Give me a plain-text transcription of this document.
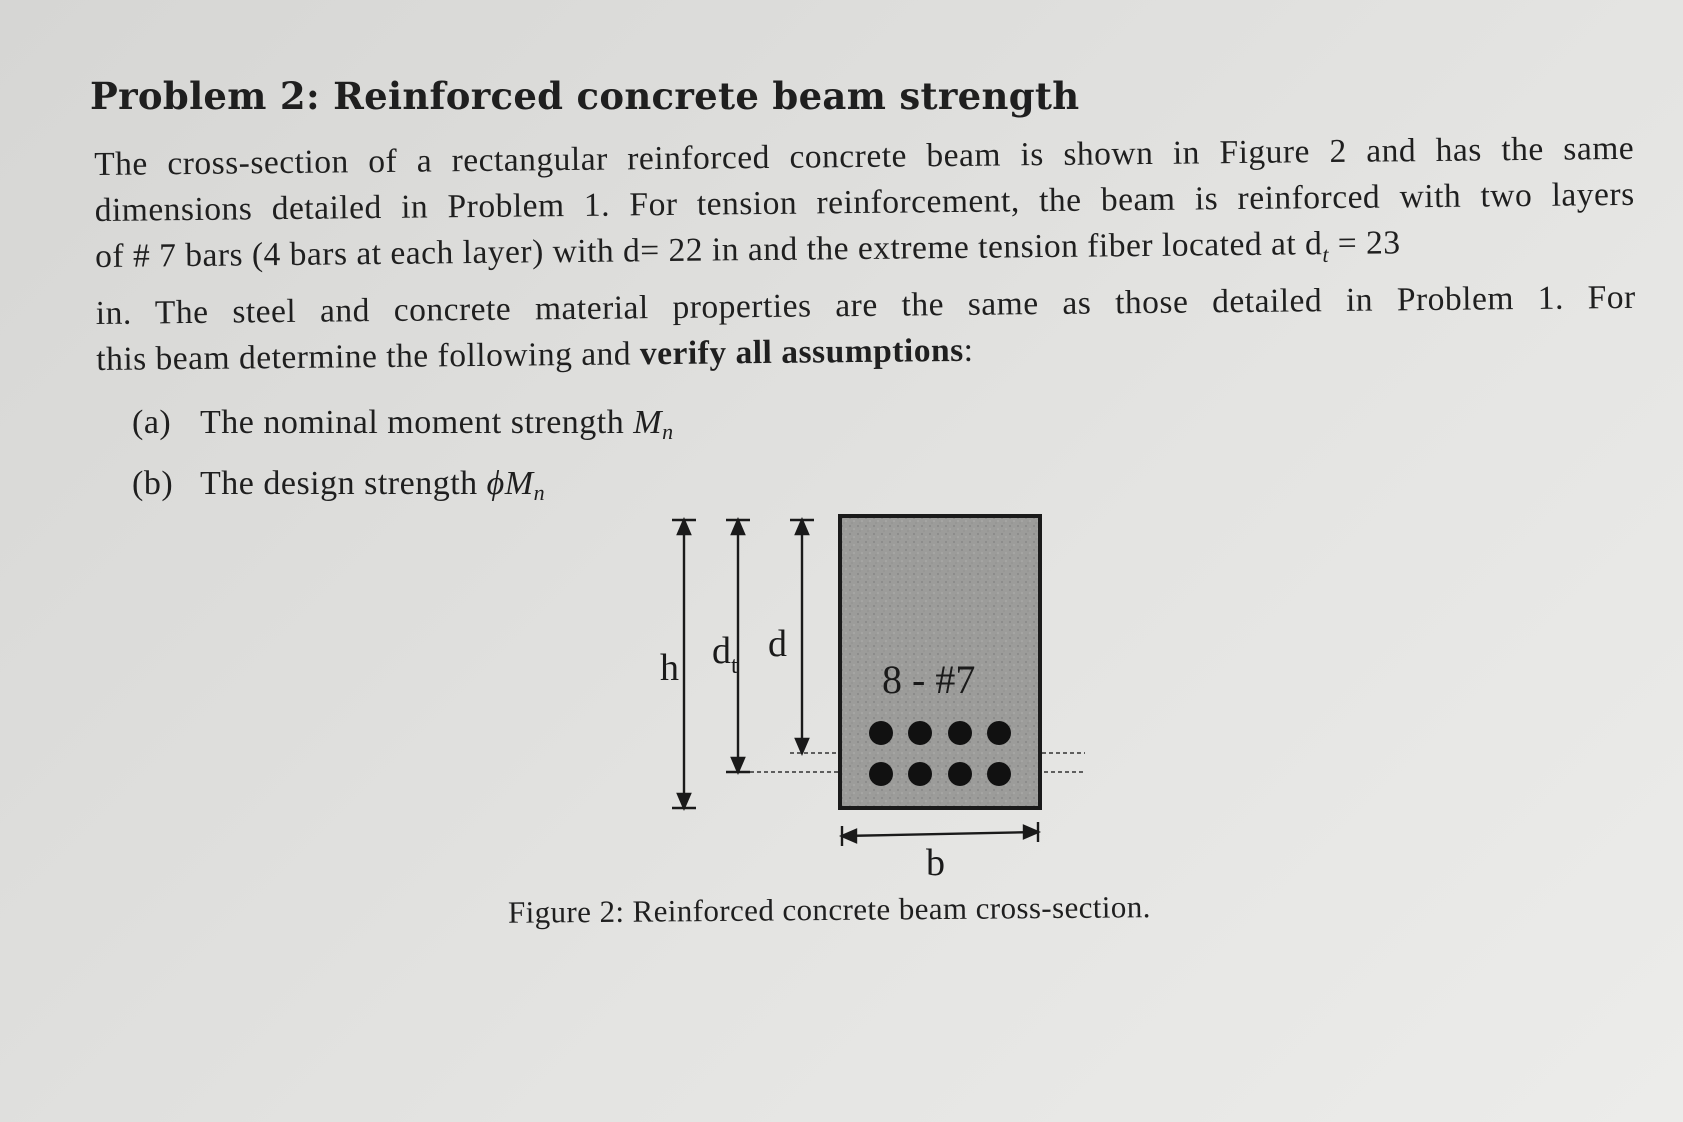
Problem 2: Reinforced concrete beam strength
The cross-section of a rectangular reinforced concrete beam is shown in Figure 2 and has the same
dimensions detailed in Problem 1. For tension reinforcement, the beam is reinforced with two layers
of # 7 bars (4 bars at each layer) with d= 22 in and the extreme tension fiber located at $d_t = 23$
in. The steel and concrete material properties are the same as those detailed in Problem 1. For
this beam determine the following and verify all assumptions:
(a) The nominal moment strength $M_n$
(b) The design strength $\phi M_n$
h $d_t$
d
8 - #7
b
Figure 2: Reinforced concrete beam cross-section.
